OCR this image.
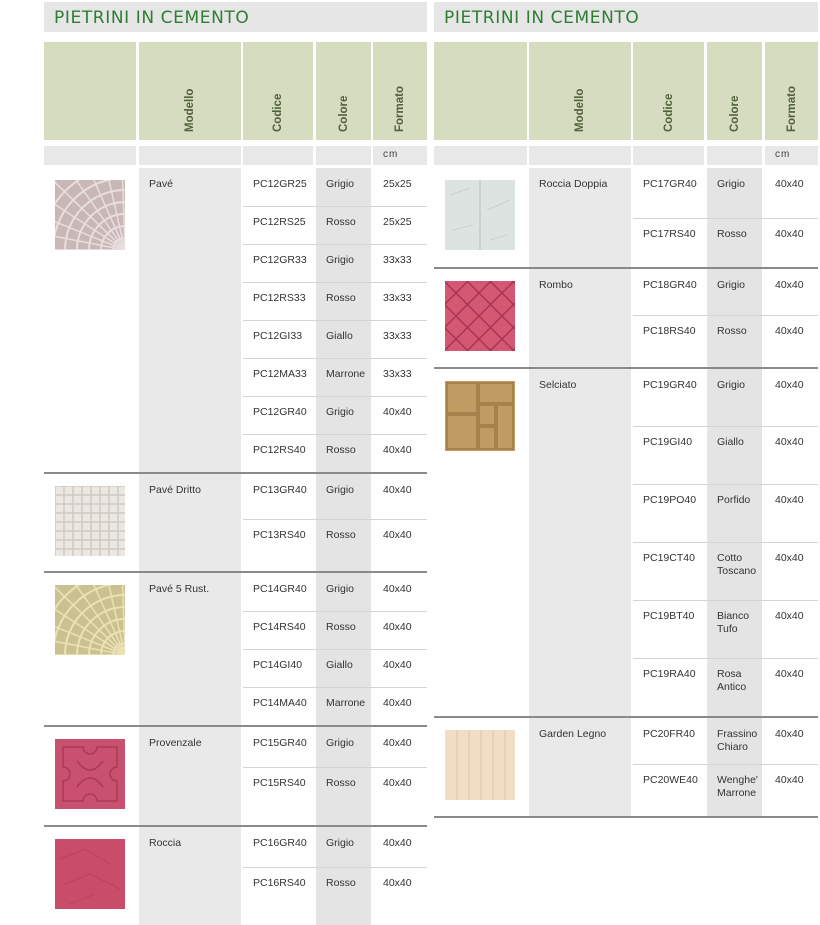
PIETRINI IN CEMENTO
Modello	Codice	Colore	Formato
cm
Pavé	PC12GR25 Grigio	25x25
PC12RS25 Rosso	25x25
PC12GR33 Grigio	33x33
PC12RS33 Rosso	33x33
PC12GI33 Giallo	33x33
PC12MA33 Marrone 33x33
PC12GR40 Grigio	40x40
PC12RS40 Rosso	40x40
Pavé Dritto	PC13GR40 Grigio	40x40
PC13RS40 Rosso	40x40
Pavé 5 Rust.	PC14GR40 Grigio	40x40
PC14RS40 Rosso	40x40
PC14GI40 Giallo	40x40
PC14MA40 Marrone 40x40
Provenzale	PC15GR40 Grigio	40x40
PC15RS40 Rosso	40x40
Roccia	PC16GR40 Grigio	40x40
PC16RS40 Rosso	40x40
PIETRINI IN CEMENTO
Modello	Codice	Colore	Formato
cm
Roccia Doppia	PC17GR40 Grigio	40x40
PC17RS40 Rosso	40x40
Rombo	PC18GR40 Grigio	40x40
PC18RS40 Rosso	40x40
Selciato	PC19GR40 Grigio	40x40
PC19GI40 Giallo	40x40
PC19PO40 Porfido 40x40
PC19CT40 Cotto
Toscano
40x40
PC19BT40 Bianco
Tufo
40x40
PC19RA40 Rosa
Antico
40x40
Garden Legno	PC20FR40 Frassino
Chiaro
40x40
PC20WE40 Wenghe'
Marrone
40x40
